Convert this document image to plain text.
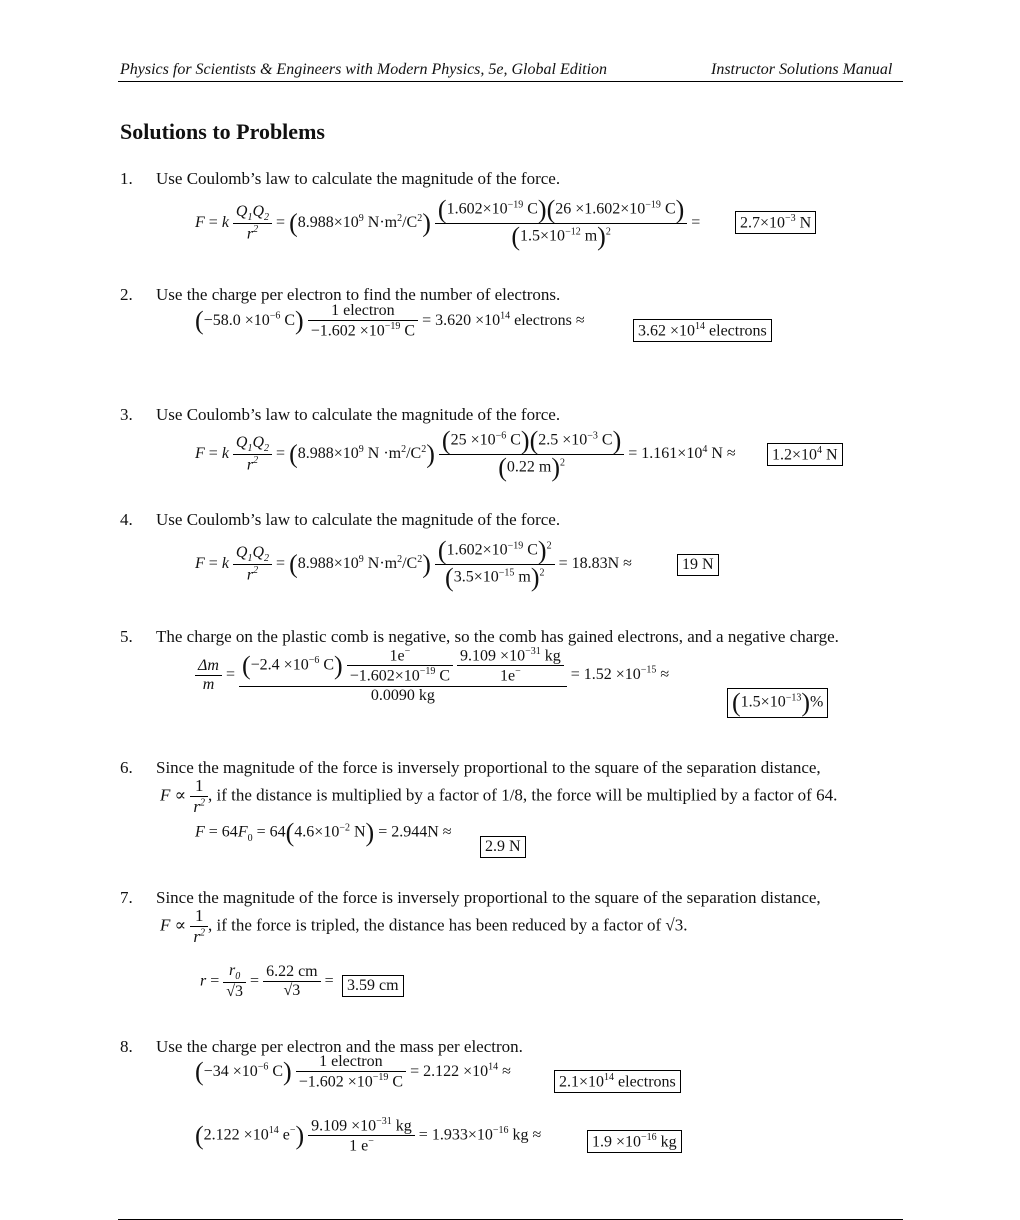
Physics for Scientists & Engineers with Modern Physics, 5e, Global Edition	Instructor Solutions Manual
Solutions to Problems
1. Use Coulomb’s law to calculate the magnitude of the force.
F = k $\frac{Q_1Q_2}{r^2} = (8.988\times 10^9$ $N\cdot m^2/C^2) \frac{(1.602\times 10^{-19} C)(26 \times 1.602\times 10^{-19} C)}{(1.5\times 10^{-12} m)^2}$ =	$2.7\times 10^{-3}$ N
2. Use the charge per electron to find the number of electrons.
($-58.0 \times 10^{-6}$ $C) \frac{\text{1 electron}}{-1.602 \times 10^{-19} C} = 3.620 \times 10^{14}$ electrons ≈
$3.62 \times 10^{14}$ electrons
3. Use Coulomb’s law to calculate the magnitude of the force.
F = k $\frac{Q_1Q_2}{r^2} = (8.988\times 10^9$ $N \cdot m^2/C^2) \frac{(25 \times 10^{-6} C)(2.5 \times 10^{-3} C)}{(0.22 m)^2} = 1.161\times 10^4$ N ≈	$1.2\times 10^4$ N
4. Use Coulomb’s law to calculate the magnitude of the force.
F = k $\frac{Q_1Q_2}{r^2} = (8.988\times 10^9$ $N\cdot m^2/C^2) \frac{(1.602\times 10^{-19} C)^2}{(3.5\times 10^{-15} m)^2} = 18.83N$ ≈	19 N
5. The charge on the plastic comb is negative, so the comb has gained electrons, and a negative charge.
$\frac{\Delta m}{m} = (-2.4 \times 10^{-6}$ $C) \frac{1e^-}{-1.602\times 10^{-19} C}$
$\frac{9.109 \times 10^{-31} kg}{1e^-}$
0.0090 kg = $1.52 \times 10^{-15}$ ≈
$(1.5\times 10^{-13})\%$
6. Since the magnitude of the force is inversely proportional to the square of the separation distance,
$F \propto \frac{1}{r^2}$ , if the distance is multiplied by a factor of 1/8, the force will be multiplied by a factor of 64.
$F = 64F_0 = 64(4.6\times 10^{-2}$ N) = 2.944N ≈
2.9 N
7. Since the magnitude of the force is inversely proportional to the square of the separation distance,
$F \propto \frac{1}{r^2}$ , if the force is tripled, the distance has been reduced by a factor of √3.
$r = \frac{r_0}{√3} = \frac{6.22 cm}{√3} = 3.59$ cm
8. Use the charge per electron and the mass per electron.
($-34 \times 10^{-6}$ $C) \frac{\text{1 electron}}{-1.602 \times 10^{-19} C} = 2.122 \times 10^{14}$ ≈
$2.1\times 10^{14}$ electrons
($2.122 \times 10^{14}$ $e^-) \frac{9.109 \times 10^{-31} kg}{1 e^-} = 1.933\times 10^{-16}$ kg ≈	$1.9 \times 10^{-16}$ kg
